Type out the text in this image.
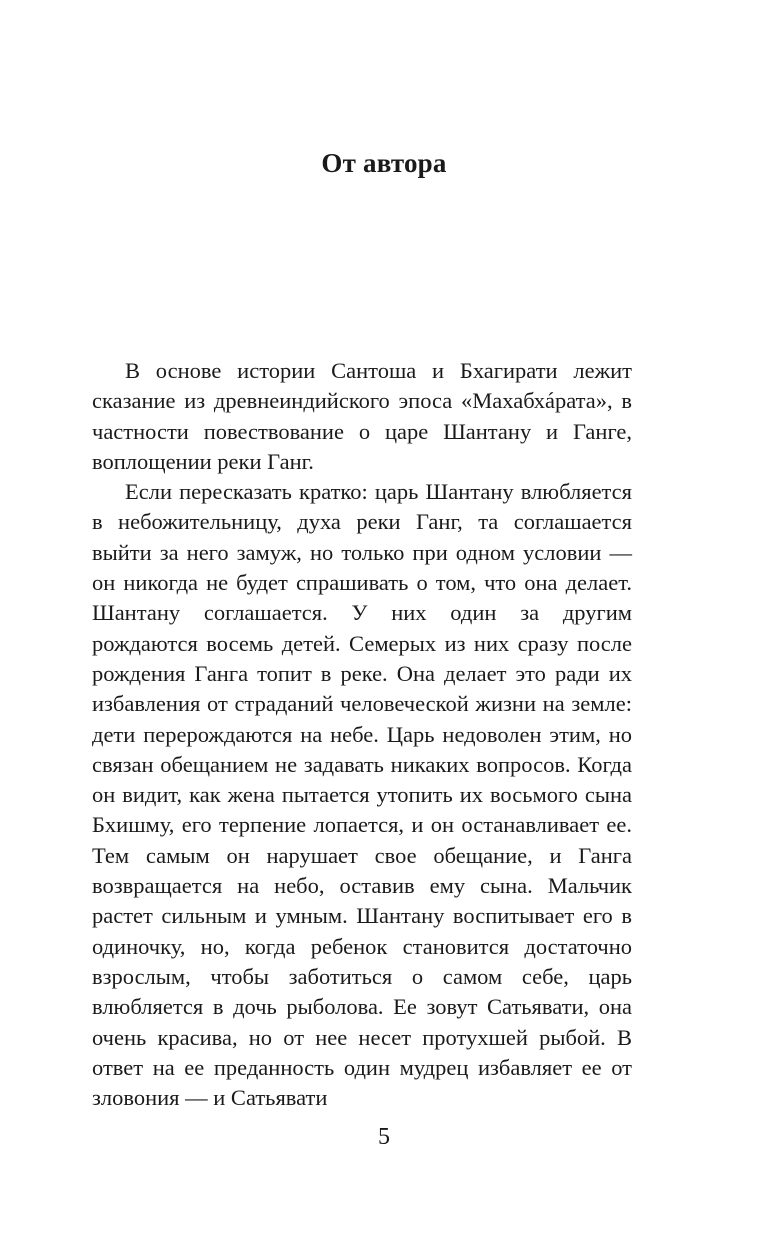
От автора

В основе истории Сантоша и Бхагирати лежит сказание из древнеиндийского эпоса «Махабхáрата», в частности повествование о царе Шантану и Ганге, воплощении реки Ганг.

Если пересказать кратко: царь Шантану влюбляется в небожительницу, духа реки Ганг, та соглашается выйти за него замуж, но только при одном условии — он никогда не будет спрашивать о том, что она делает. Шантану соглашается. У них один за другим рождаются восемь детей. Семерых из них сразу после рождения Ганга топит в реке. Она делает это ради их избавления от страданий человеческой жизни на земле: дети перерождаются на небе. Царь недоволен этим, но связан обещанием не задавать никаких вопросов. Когда он видит, как жена пытается утопить их восьмого сына Бхишму, его терпение лопается, и он останавливает ее. Тем самым он нарушает свое обещание, и Ганга возвращается на небо, оставив ему сына. Мальчик растет сильным и умным. Шантану воспитывает его в одиночку, но, когда ребенок становится достаточно взрослым, чтобы заботиться о самом себе, царь влюбляется в дочь рыболова. Ее зовут Сатьявати, она очень красива, но от нее несет протухшей рыбой. В ответ на ее преданность один мудрец избавляет ее от зловония — и Сатьявати

5
